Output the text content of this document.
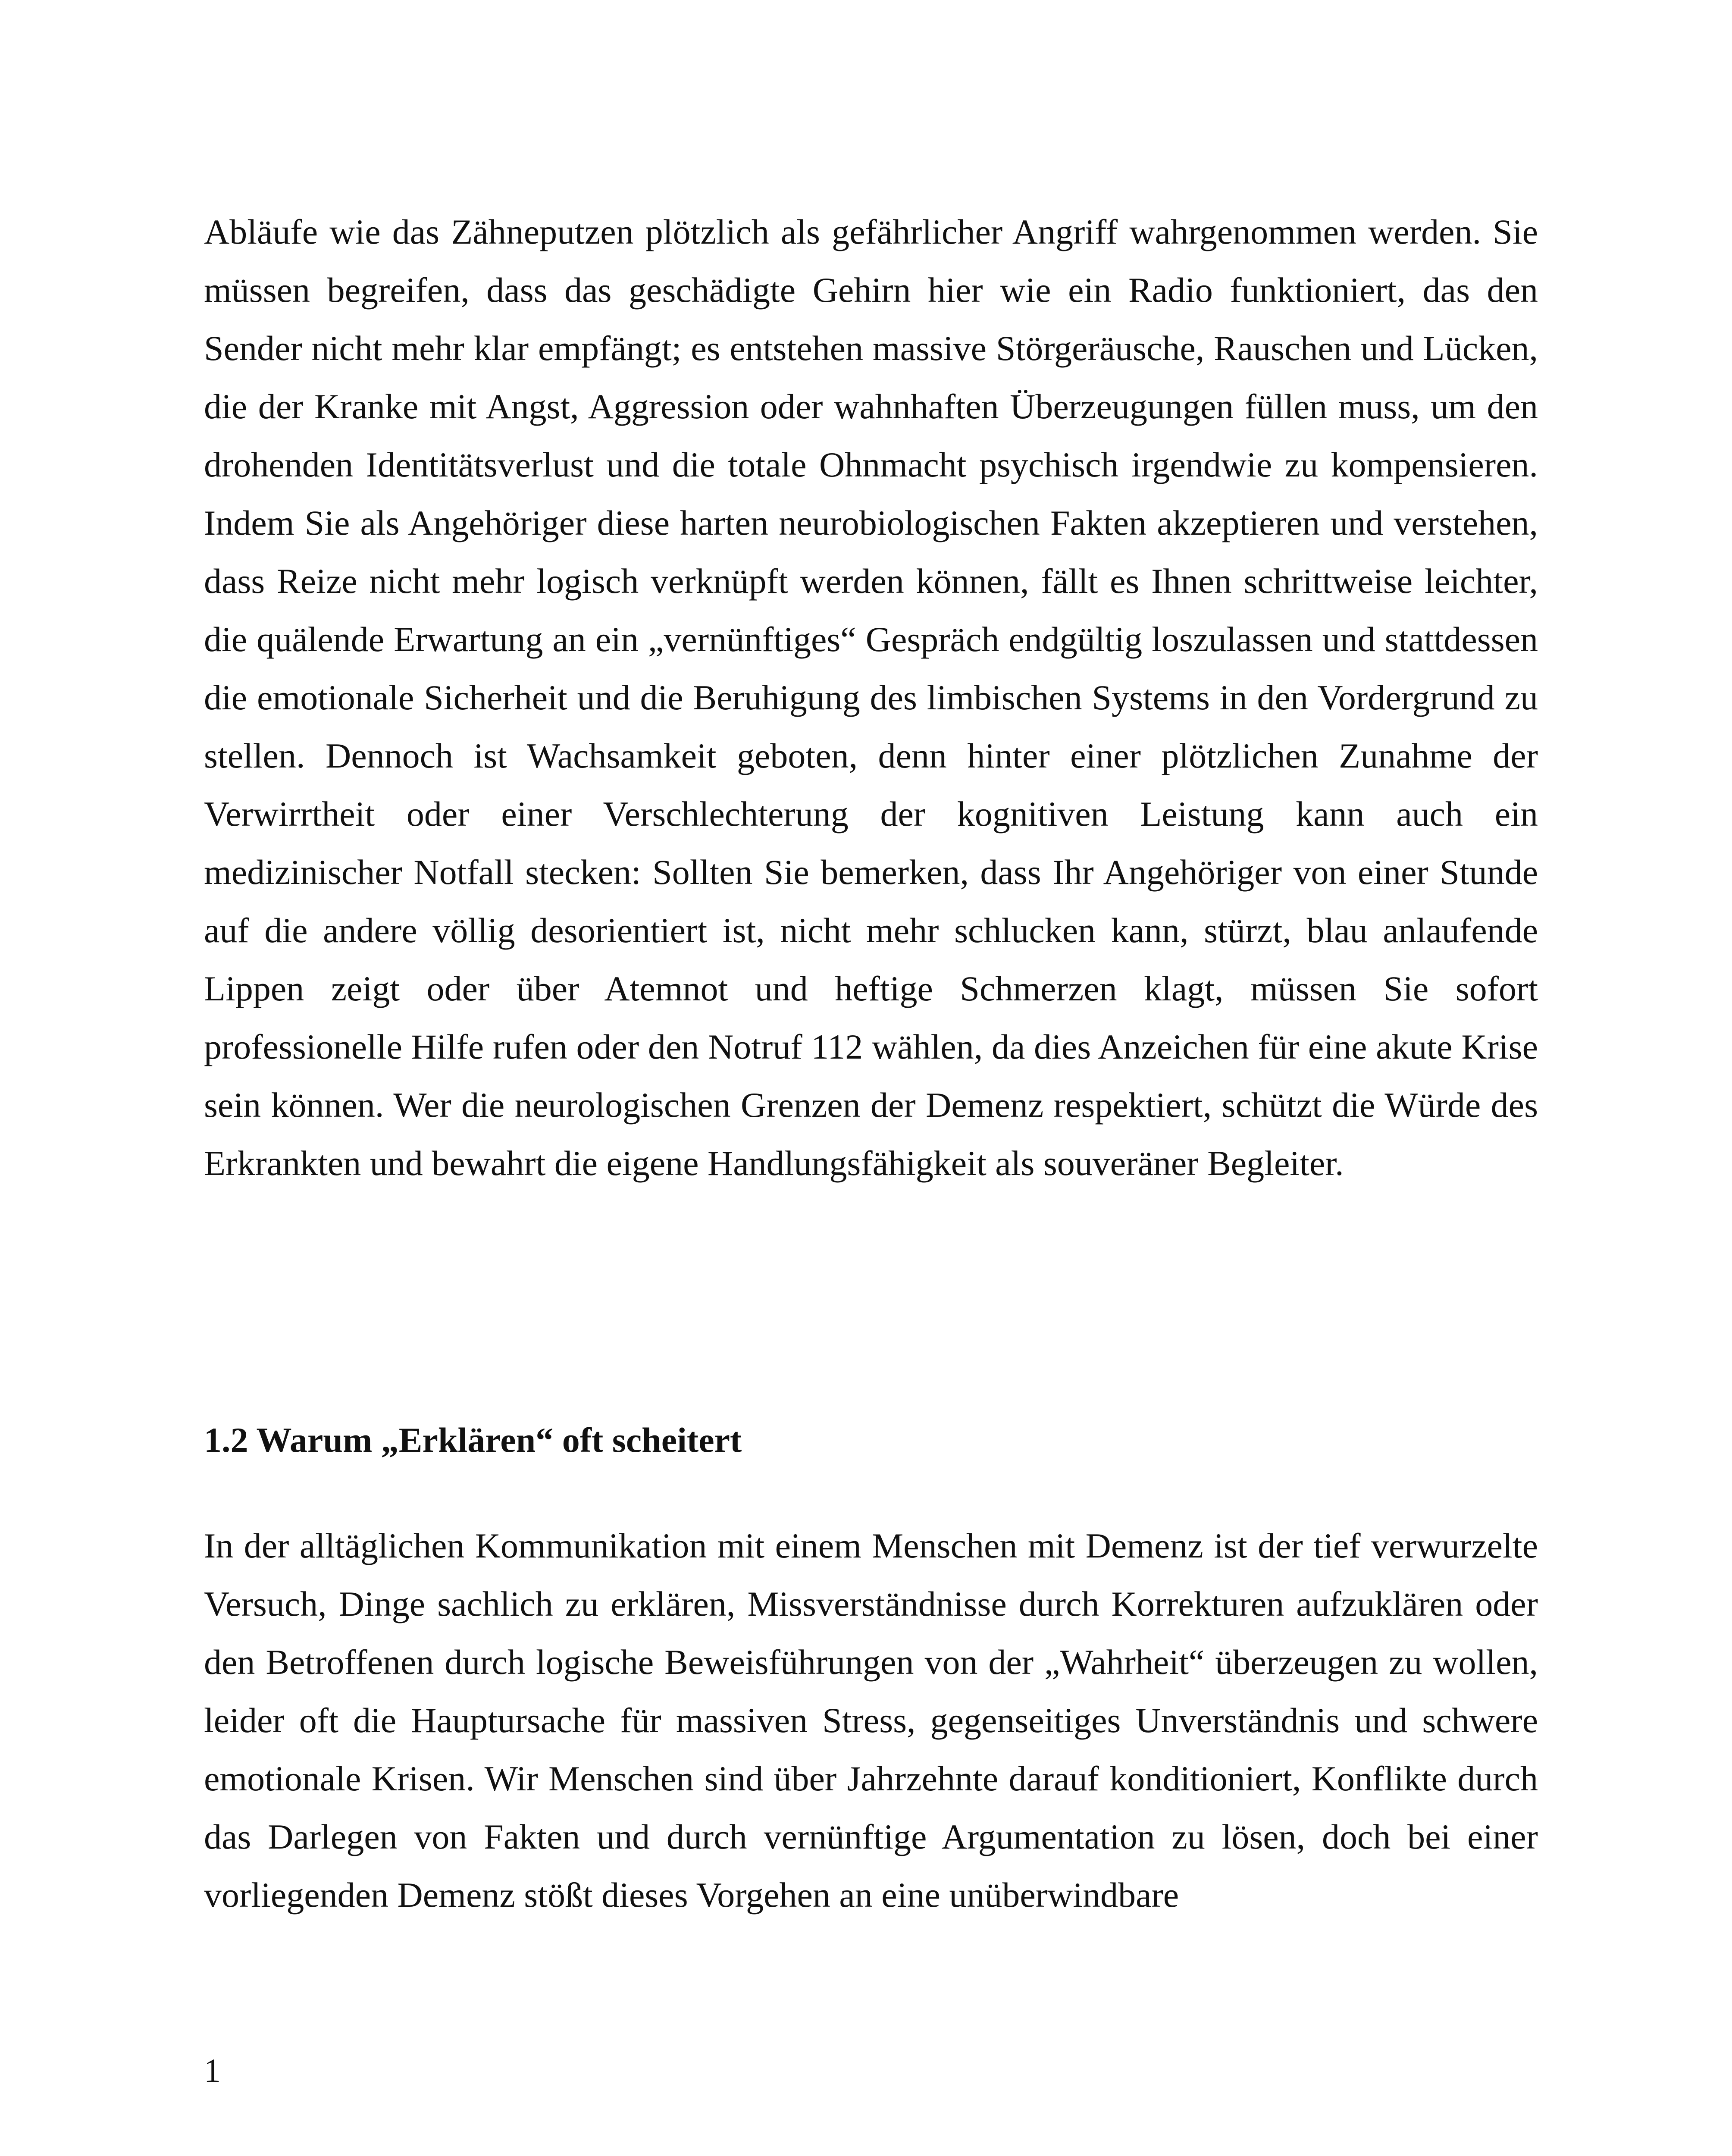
Abläufe wie das Zähneputzen plötzlich als gefährlicher Angriff wahrgenommen werden. Sie müssen begreifen, dass das geschädigte Gehirn hier wie ein Radio funktioniert, das den Sender nicht mehr klar empfängt; es entstehen massive Störgeräusche, Rauschen und Lücken, die der Kranke mit Angst, Aggression oder wahnhaften Überzeugungen füllen muss, um den drohenden Identitätsverlust und die totale Ohnmacht psychisch irgendwie zu kompensieren. Indem Sie als Angehöriger diese harten neurobiologischen Fakten akzeptieren und verstehen, dass Reize nicht mehr logisch verknüpft werden können, fällt es Ihnen schrittweise leichter, die quälende Erwartung an ein „vernünftiges“ Gespräch endgültig loszulassen und stattdessen die emotionale Sicherheit und die Beruhigung des limbischen Systems in den Vordergrund zu stellen. Dennoch ist Wachsamkeit geboten, denn hinter einer plötzlichen Zunahme der Verwirrtheit oder einer Verschlechterung der kognitiven Leistung kann auch ein medizinischer Notfall stecken: Sollten Sie bemerken, dass Ihr Angehöriger von einer Stunde auf die andere völlig desorientiert ist, nicht mehr schlucken kann, stürzt, blau anlaufende Lippen zeigt oder über Atemnot und heftige Schmerzen klagt, müssen Sie sofort professionelle Hilfe rufen oder den Notruf 112 wählen, da dies Anzeichen für eine akute Krise sein können. Wer die neurologischen Grenzen der Demenz respektiert, schützt die Würde des Erkrankten und bewahrt die eigene Handlungsfähigkeit als souveräner Begleiter.

1.2 Warum „Erklären“ oft scheitert

In der alltäglichen Kommunikation mit einem Menschen mit Demenz ist der tief verwurzelte Versuch, Dinge sachlich zu erklären, Missverständnisse durch Korrekturen aufzuklären oder den Betroffenen durch logische Beweisführungen von der „Wahrheit“ überzeugen zu wollen, leider oft die Hauptursache für massiven Stress, gegenseitiges Unverständnis und schwere emotionale Krisen. Wir Menschen sind über Jahrzehnte darauf konditioniert, Konflikte durch das Darlegen von Fakten und durch vernünftige Argumentation zu lösen, doch bei einer vorliegenden Demenz stößt dieses Vorgehen an eine unüberwindbare

1
